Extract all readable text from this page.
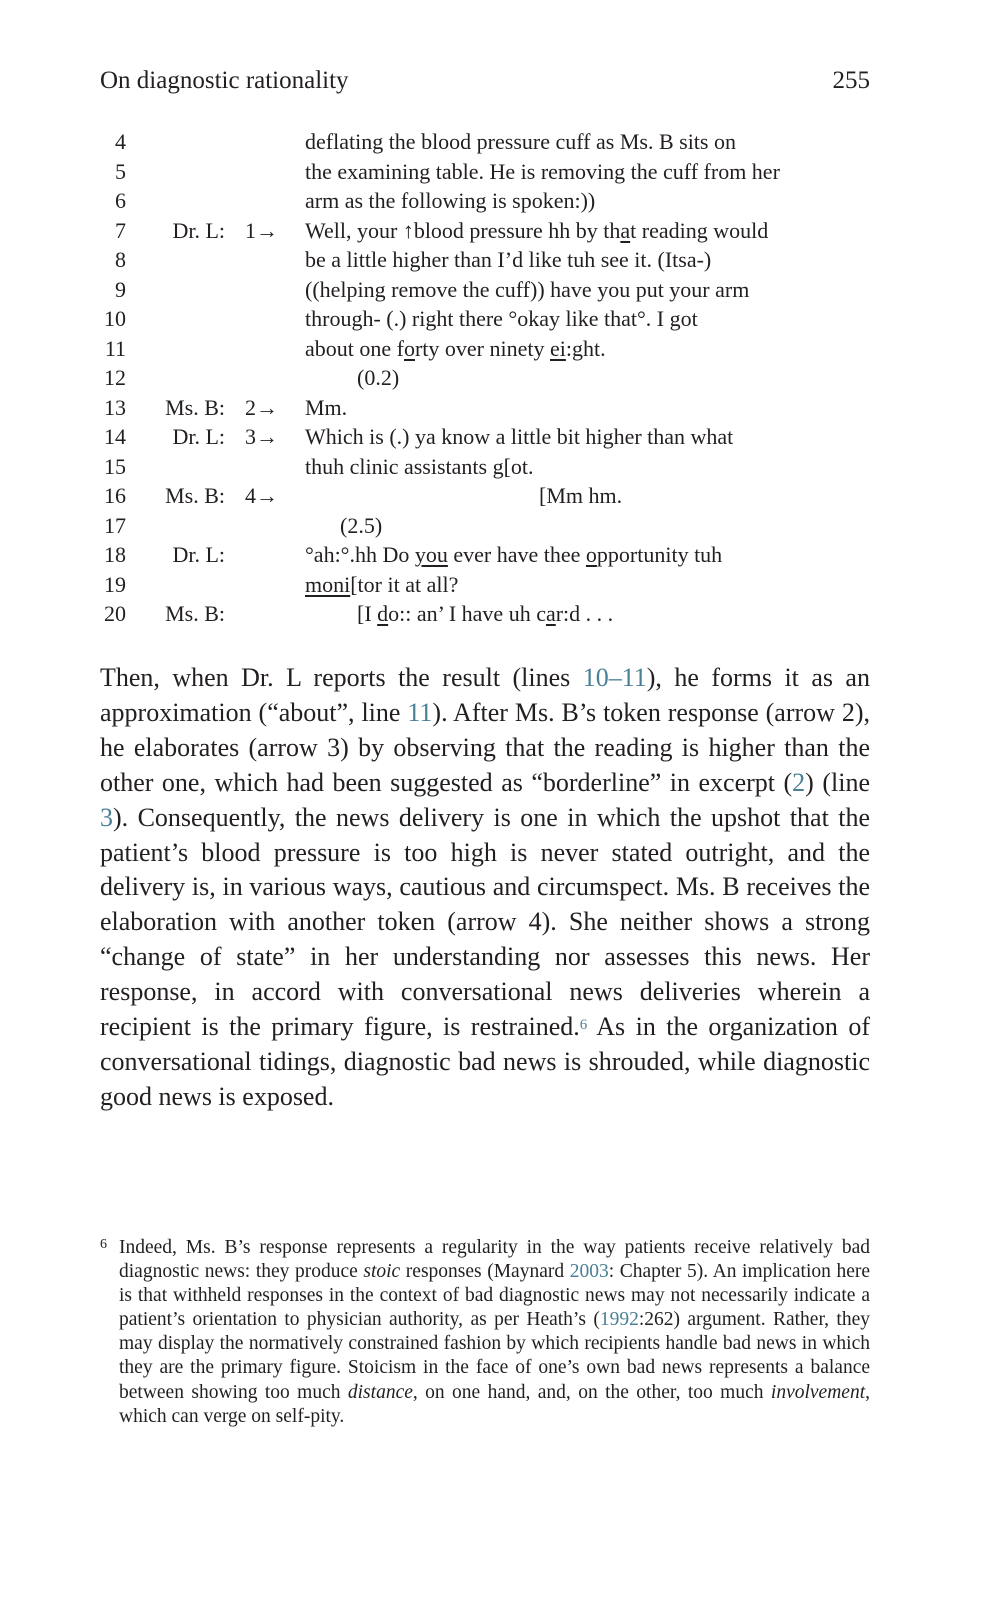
On diagnostic rationality	255
4	deflating the blood pressure cuff as Ms. B sits on
5	the examining table. He is removing the cuff from her
6	arm as the following is spoken:))
7	Dr. L: 1→ Well, your ↑blood pressure hh by that reading would
8	be a little higher than I’d like tuh see it. (Itsa-)
9	((helping remove the cuff)) have you put your arm
10	through- (.) right there °okay like that°. I got
11	about one forty over ninety ei:ght.
12	(0.2)
13	Ms. B: 2→ Mm.
14	Dr. L: 3→ Which is (.) ya know a little bit higher than what
15	thuh clinic assistants g[ot.
16	Ms. B: 4→	[Mm hm.
17	(2.5)
18	Dr. L:	°ah:°.hh Do you ever have thee opportunity tuh
19	moni[tor it at all?
20	Ms. B:	[I do:: an’ I have uh car:d . . .

Then, when Dr. L reports the result (lines 10–11), he forms it as an approximation (“about”, line 11). After Ms. B’s token response (arrow 2), he elaborates (arrow 3) by observing that the reading is higher than the other one, which had been suggested as “borderline” in excerpt (2) (line 3). Consequently, the news delivery is one in which the upshot that the patient’s blood pressure is too high is never stated outright, and the delivery is, in various ways, cautious and circumspect. Ms. B receives the elaboration with another token (arrow 4). She neither shows a strong “change of state” in her understanding nor assesses this news. Her response, in accord with conversational news deliveries wherein a recipient is the primary figure, is restrained.$^6$ As in the organization of conversational tidings, diagnostic bad news is shrouded, while diagnostic good news is exposed.

6 Indeed, Ms. B’s response represents a regularity in the way patients receive relatively bad diagnostic news: they produce stoic responses (Maynard 2003: Chapter 5). An implication here is that withheld responses in the context of bad diagnostic news may not necessarily indicate a patient’s orientation to physician authority, as per Heath’s (1992:262) argument. Rather, they may display the normatively constrained fashion by which recipients handle bad news in which they are the primary figure. Stoicism in the face of one’s own bad news represents a balance between showing too much distance, on one hand, and, on the other, too much involvement, which can verge on self-pity.
